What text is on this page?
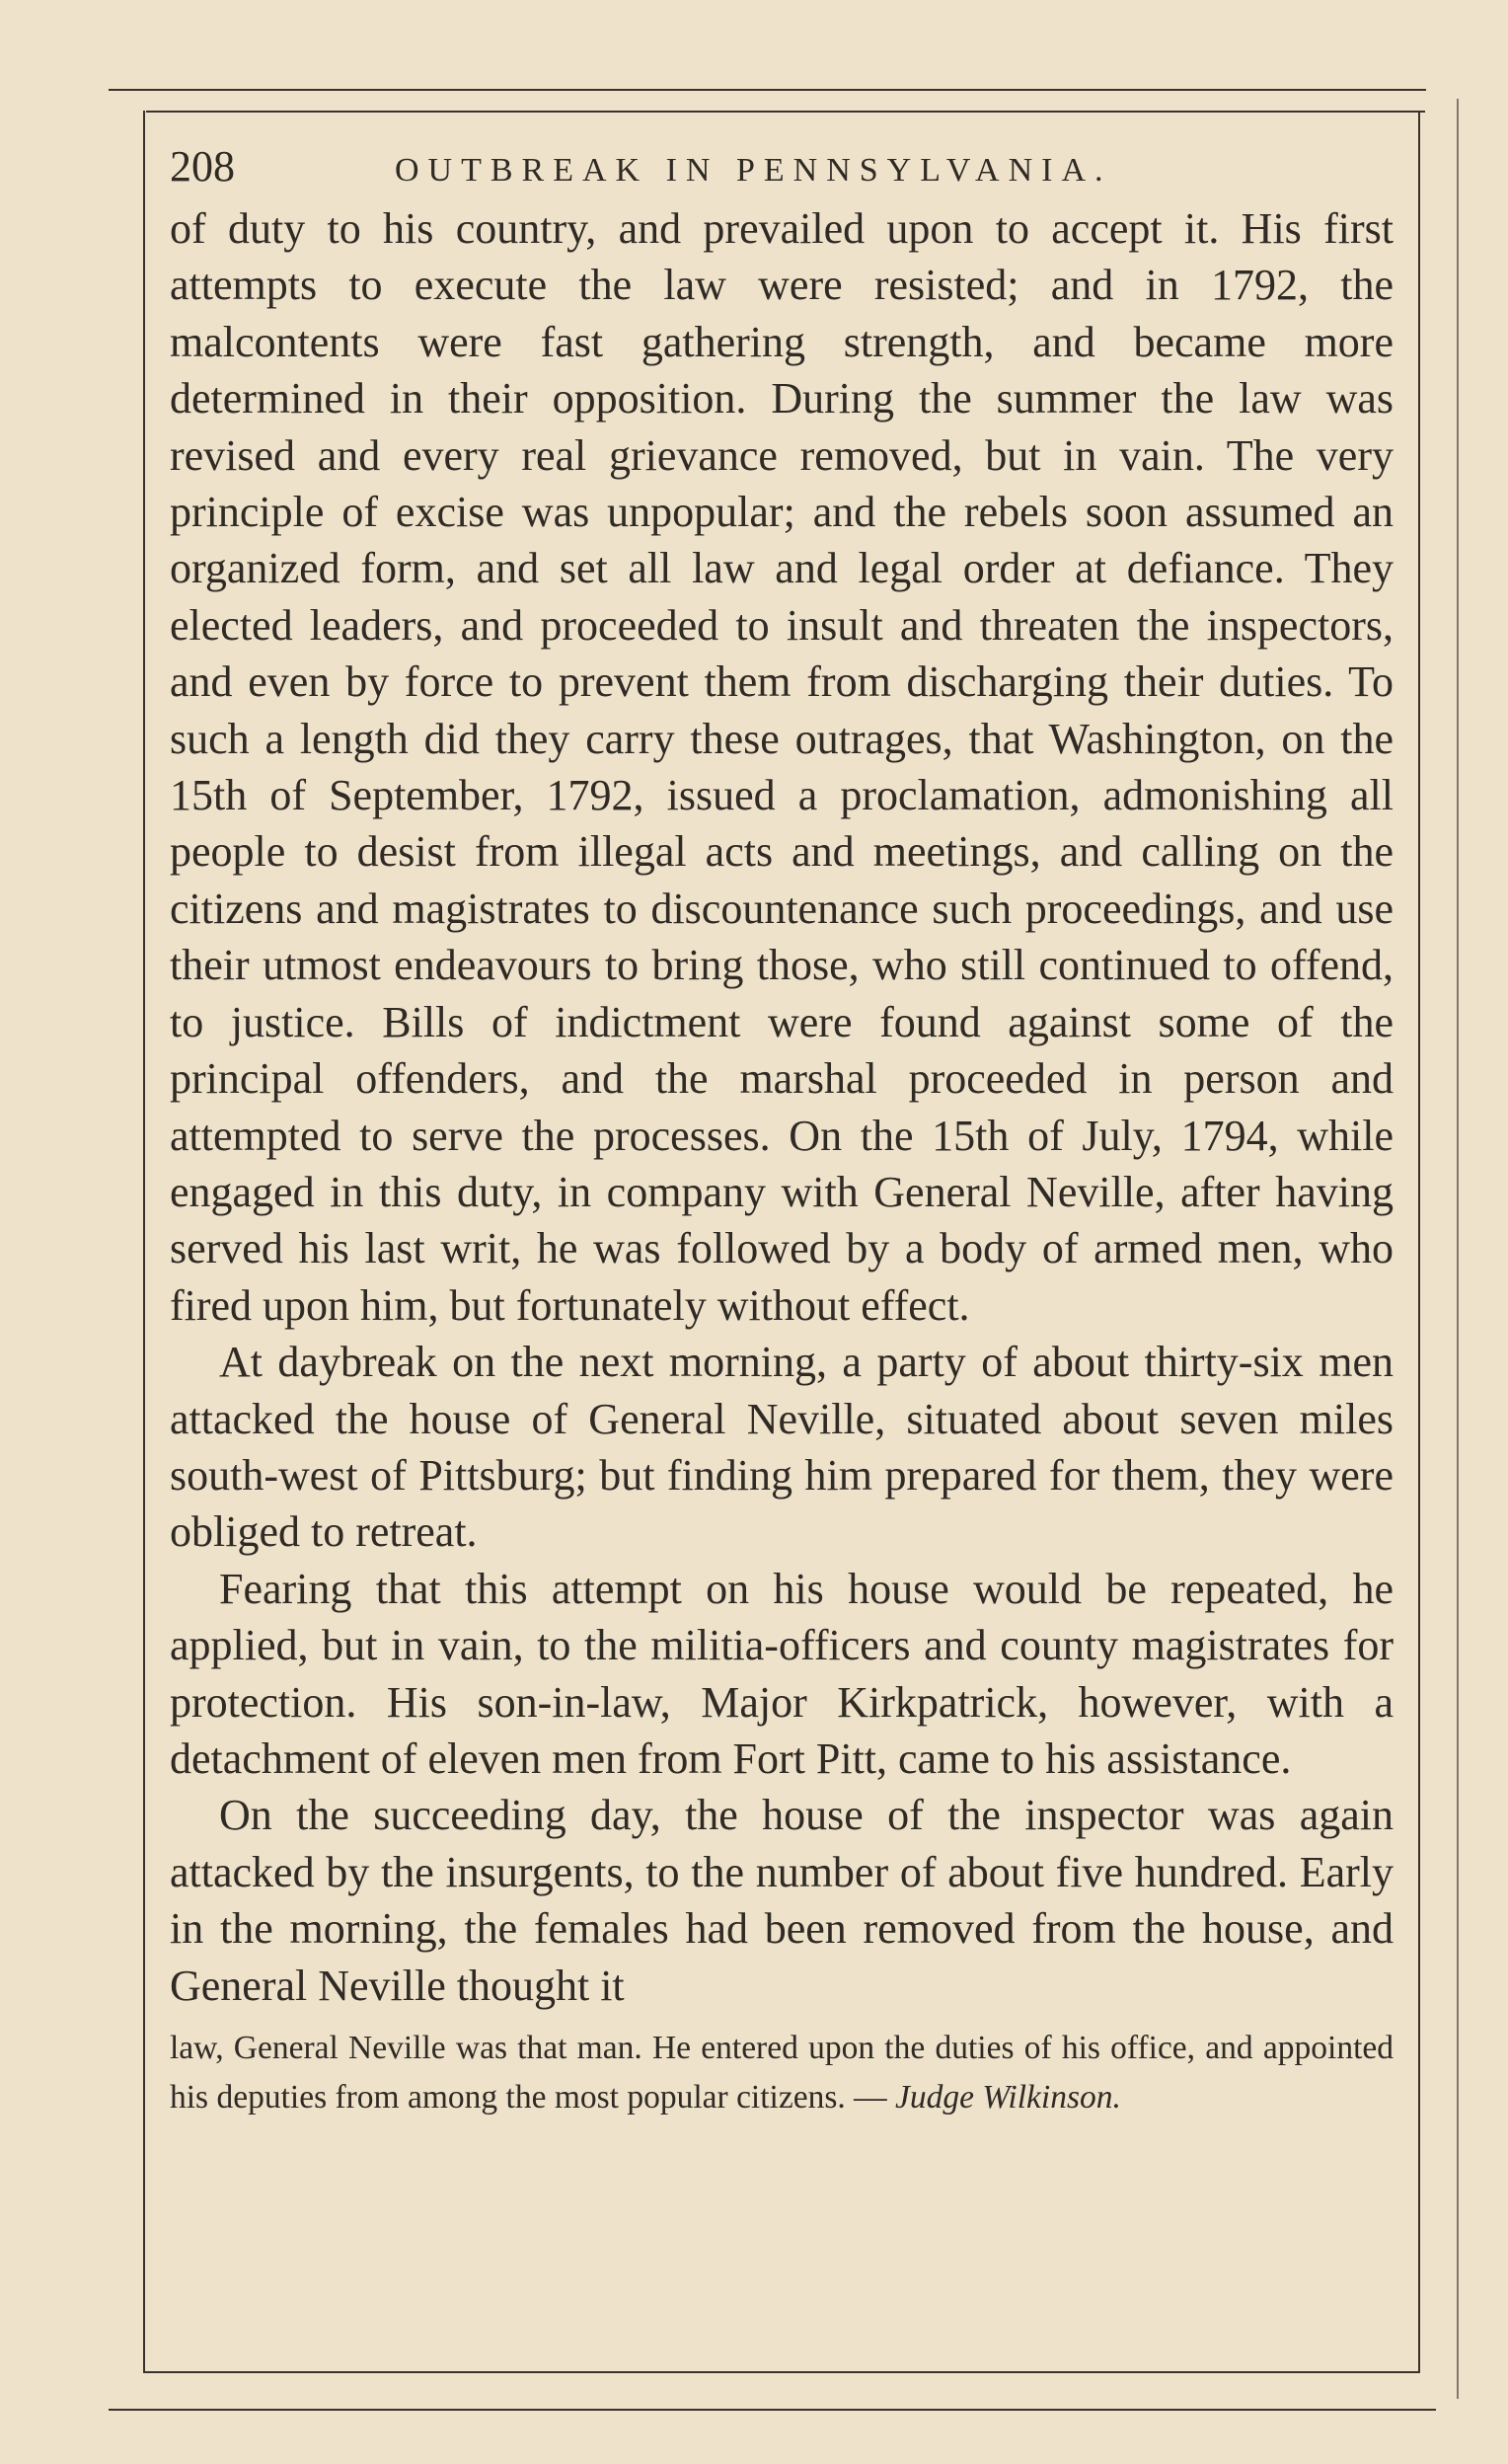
208	OUTBREAK IN PENNSYLVANIA.

of duty to his country, and prevailed upon to accept it. His first attempts to execute the law were resisted; and in 1792, the malcontents were fast gathering strength, and became more determined in their opposition. During the summer the law was revised and every real grievance removed, but in vain. The very principle of excise was unpopular; and the rebels soon assumed an organized form, and set all law and legal order at defiance. They elected leaders, and proceeded to insult and threaten the inspectors, and even by force to prevent them from discharging their duties. To such a length did they carry these outrages, that Washington, on the 15th of September, 1792, issued a proclamation, admonishing all people to desist from illegal acts and meetings, and calling on the citizens and magistrates to discountenance such proceedings, and use their utmost endeavours to bring those, who still continued to offend, to justice. Bills of indictment were found against some of the principal offenders, and the marshal proceeded in person and attempted to serve the processes. On the 15th of July, 1794, while engaged in this duty, in company with General Neville, after having served his last writ, he was followed by a body of armed men, who fired upon him, but fortunately without effect.

At daybreak on the next morning, a party of about thirty-six men attacked the house of General Neville, situated about seven miles south-west of Pittsburg; but finding him prepared for them, they were obliged to retreat.

Fearing that this attempt on his house would be repeated, he applied, but in vain, to the militia-officers and county magistrates for protection. His son-in-law, Major Kirkpatrick, however, with a detachment of eleven men from Fort Pitt, came to his assistance.

On the succeeding day, the house of the inspector was again attacked by the insurgents, to the number of about five hundred. Early in the morning, the females had been removed from the house, and General Neville thought it

law, General Neville was that man. He entered upon the duties of his office, and appointed his deputies from among the most popular citizens. — Judge Wilkinson.
